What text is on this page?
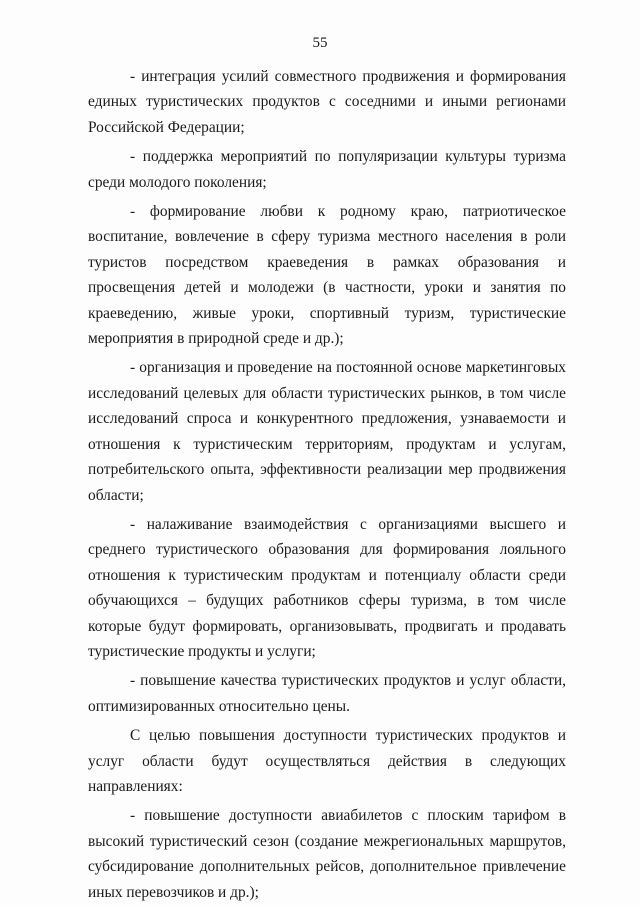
55

- интеграция усилий совместного продвижения и формирования единых туристических продуктов с соседними и иными регионами Российской Федерации;

- поддержка мероприятий по популяризации культуры туризма среди молодого поколения;

- формирование любви к родному краю, патриотическое воспитание, вовлечение в сферу туризма местного населения в роли туристов посредством краеведения в рамках образования и просвещения детей и молодежи (в частности, уроки и занятия по краеведению, живые уроки, спортивный туризм, туристические мероприятия в природной среде и др.);

- организация и проведение на постоянной основе маркетинговых исследований целевых для области туристических рынков, в том числе исследований спроса и конкурентного предложения, узнаваемости и отношения к туристическим территориям, продуктам и услугам, потребительского опыта, эффективности реализации мер продвижения области;

- налаживание взаимодействия с организациями высшего и среднего туристического образования для формирования лояльного отношения к туристическим продуктам и потенциалу области среди обучающихся – будущих работников сферы туризма, в том числе которые будут формировать, организовывать, продвигать и продавать туристические продукты и услуги;

- повышение качества туристических продуктов и услуг области, оптимизированных относительно цены.

С целью повышения доступности туристических продуктов и услуг области будут осуществляться действия в следующих направлениях:

- повышение доступности авиабилетов с плоским тарифом в высокий туристический сезон (создание межрегиональных маршрутов, субсидирование дополнительных рейсов, дополнительное привлечение иных перевозчиков и др.);
